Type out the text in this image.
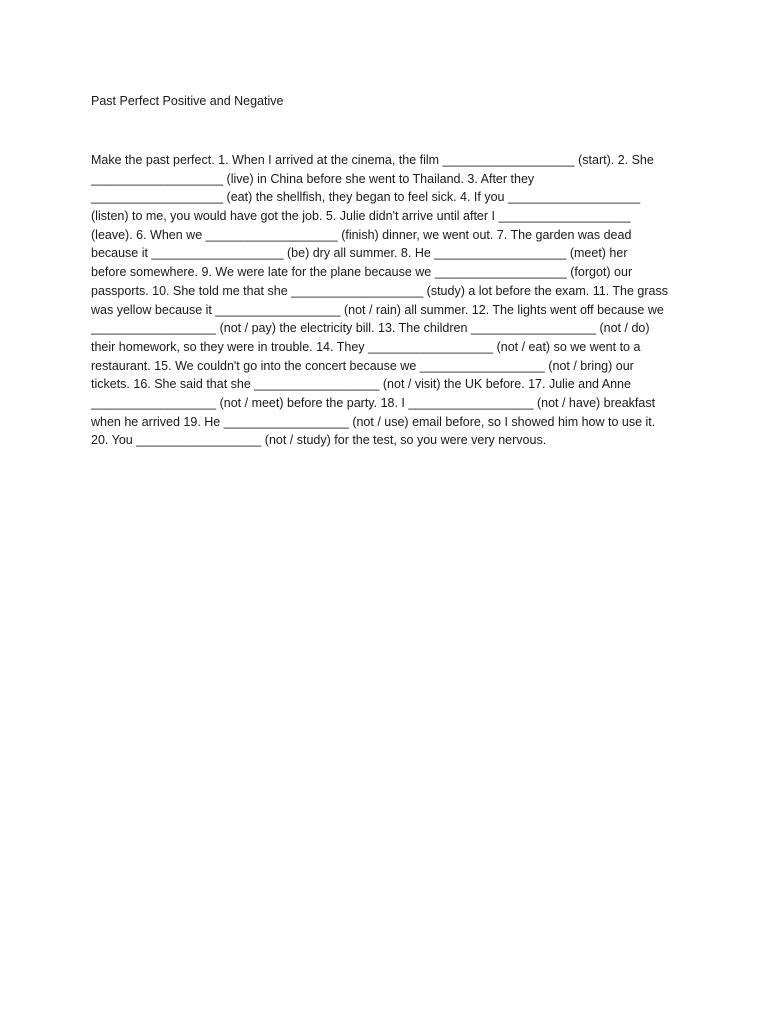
Past Perfect Positive and Negative
Make the past perfect. 1. When I arrived at the cinema, the film ___________________ (start). 2. She
___________________ (live) in China before she went to Thailand. 3. After they
___________________ (eat) the shellfish, they began to feel sick. 4. If you ___________________
(listen) to me, you would have got the job. 5. Julie didn't arrive until after I ___________________
(leave). 6. When we ___________________ (finish) dinner, we went out. 7. The garden was dead
because it ___________________ (be) dry all summer. 8. He ___________________ (meet) her
before somewhere. 9. We were late for the plane because we ___________________ (forgot) our
passports. 10. She told me that she ___________________ (study) a lot before the exam. 11. The grass
was yellow because it __________________ (not / rain) all summer. 12. The lights went off because we
__________________ (not / pay) the electricity bill. 13. The children __________________ (not / do)
their homework, so they were in trouble. 14. They __________________ (not / eat) so we went to a
restaurant. 15. We couldn't go into the concert because we __________________ (not / bring) our
tickets. 16. She said that she __________________ (not / visit) the UK before. 17. Julie and Anne
__________________ (not / meet) before the party. 18. I __________________ (not / have) breakfast
when he arrived 19. He __________________ (not / use) email before, so I showed him how to use it.
20. You __________________ (not / study) for the test, so you were very nervous.
